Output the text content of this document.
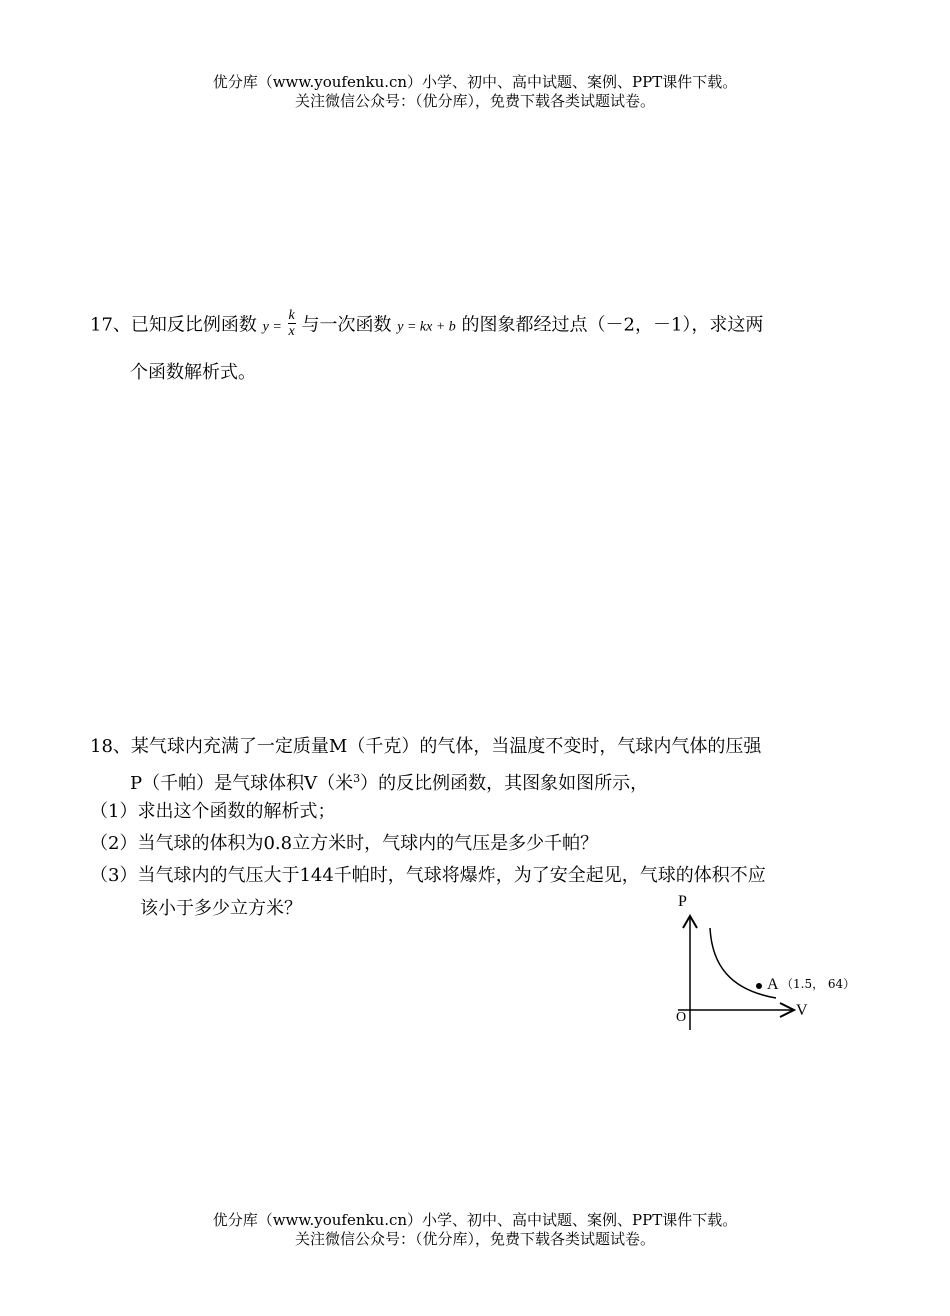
优分库（www.youfenku.cn）小学、初中、高中试题、案例、PPT课件下载。
关注微信公众号：（优分库），免费下载各类试题试卷。
17、已知反比例函数 $y = \frac{k}{x}$ 与一次函数 y = kx + b 的图象都经过点（－2，－1），求这两
个函数解析式。
18、某气球内充满了一定质量M（千克）的气体，当温度不变时，气球内气体的压强
P（千帕）是气球体积V（米$^3$）的反比例函数，其图象如图所示，
（1）求出这个函数的解析式；
（2）当气球的体积为0.8立方米时，气球内的气压是多少千帕？
（3）当气球内的气压大于144千帕时，气球将爆炸，为了安全起见，气球的体积不应
该小于多少立方米？	P
V
O
A （1.5， 64）
优分库（www.youfenku.cn）小学、初中、高中试题、案例、PPT课件下载。
关注微信公众号：（优分库），免费下载各类试题试卷。
